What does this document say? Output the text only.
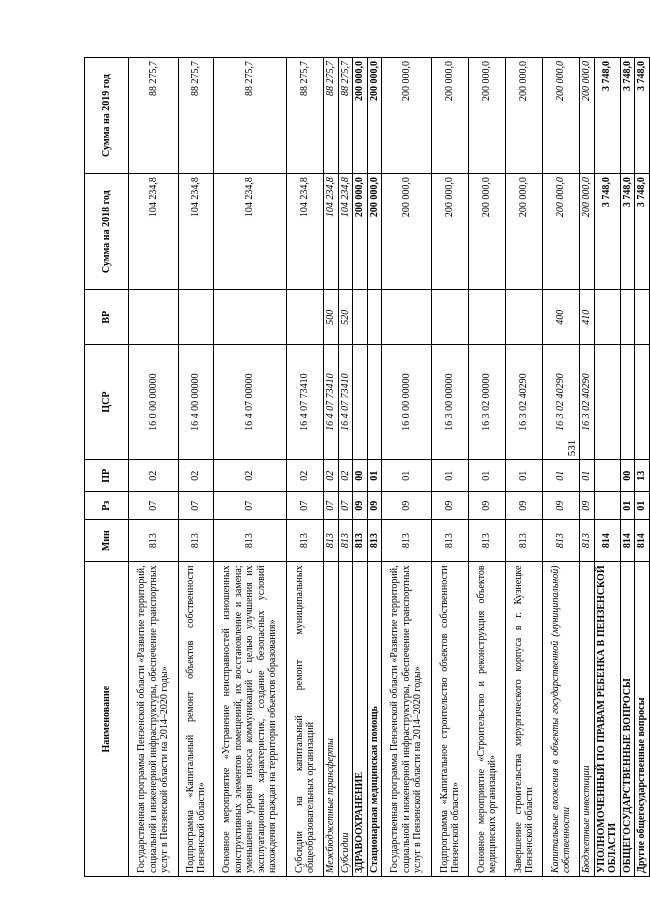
531
Наименование	Мин	Рз	ПР	ЦСР	ВР	Сумма на 2018 год	Сумма на 2019 год
Государственная программа Пензенской области «Развитие территорий, социальной и инженерной инфраструктуры, обеспечение транспортных услуг в Пензенской области на 2014–2020 годы»	813	07	02	16 0 00 00000		104 234,8	88 275,7
Подпрограмма «Капитальный ремонт объектов собственности Пензенской области»	813	07	02	16 4 00 00000		104 234,8	88 275,7
Основное мероприятие «Устранение неисправностей изношенных конструктивных элементов помещений, их восстановление и замена; уменьшение уровня износа коммуникаций с целью улучшения их эксплуатационных характеристик, создание безопасных условий нахождения граждан на территории объектов образования»	813	07	02	16 4 07 00000		104 234,8	88 275,7
Субсидии на капитальный ремонт муниципальных общеобразовательных организаций	813	07	02	16 4 07 73410		104 234,8	88 275,7
Межбюджетные трансферты	813	07	02	16 4 07 73410	500	104 234,8	88 275,7
Субсидии	813	07	02	16 4 07 73410	520	104 234,8	88 275,7
ЗДРАВООХРАНЕНИЕ	813	09	00			200 000,0	200 000,0
Стационарная медицинская помощь	813	09	01			200 000,0	200 000,0
Государственная программа Пензенской области «Развитие территорий, социальной и инженерной инфраструктуры, обеспечение транспортных услуг в Пензенской области на 2014–2020 годы»	813	09	01	16 0 00 00000		200 000,0	200 000,0
Подпрограмма «Капитальное строительство объектов собственности Пензенской области»	813	09	01	16 3 00 00000		200 000,0	200 000,0
Основное мероприятие «Строительство и реконструкция объектов медицинских организаций»	813	09	01	16 3 02 00000		200 000,0	200 000,0
Завершение строительства хирургического корпуса в г. Кузнецке Пензенской области	813	09	01	16 3 02 40290		200 000,0	200 000,0
Капитальные вложения в объекты государственной (муниципальной) собственности	813	09	01	16 3 02 40290	400	200 000,0	200 000,0
Бюджетные инвестиции	813	09	01	16 3 02 40290	410	200 000,0	200 000,0
УПОЛНОМОЧЕННЫЙ ПО ПРАВАМ РЕБЕНКА В ПЕНЗЕНСКОЙ ОБЛАСТИ	814					3 748,0	3 748,0
ОБЩЕГОСУДАРСТВЕННЫЕ ВОПРОСЫ	814	01	00			3 748,0	3 748,0
Другие общегосударственные вопросы	814	01	13			3 748,0	3 748,0
